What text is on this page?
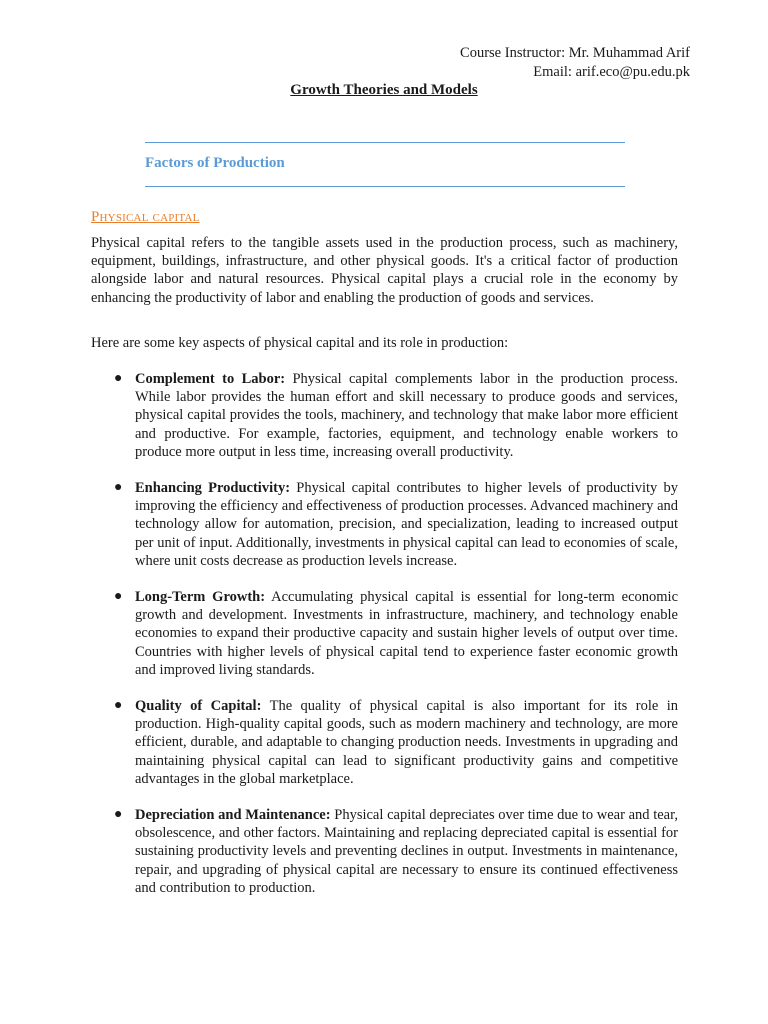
Course Instructor: Mr. Muhammad Arif
Email: arif.eco@pu.edu.pk
Growth Theories and Models
Factors of Production
Physical capital

Physical capital refers to the tangible assets used in the production process, such as machinery, equipment, buildings, infrastructure, and other physical goods. It's a critical factor of production alongside labor and natural resources. Physical capital plays a crucial role in the economy by enhancing the productivity of labor and enabling the production of goods and services.

Here are some key aspects of physical capital and its role in production:

● Complement to Labor: Physical capital complements labor in the production process. While labor provides the human effort and skill necessary to produce goods and services, physical capital provides the tools, machinery, and technology that make labor more efficient and productive. For example, factories, equipment, and technology enable workers to produce more output in less time, increasing overall productivity.
● Enhancing Productivity: Physical capital contributes to higher levels of productivity by improving the efficiency and effectiveness of production processes. Advanced machinery and technology allow for automation, precision, and specialization, leading to increased output per unit of input. Additionally, investments in physical capital can lead to economies of scale, where unit costs decrease as production levels increase.
● Long-Term Growth: Accumulating physical capital is essential for long-term economic growth and development. Investments in infrastructure, machinery, and technology enable economies to expand their productive capacity and sustain higher levels of output over time. Countries with higher levels of physical capital tend to experience faster economic growth and improved living standards.
● Quality of Capital: The quality of physical capital is also important for its role in production. High-quality capital goods, such as modern machinery and technology, are more efficient, durable, and adaptable to changing production needs. Investments in upgrading and maintaining physical capital can lead to significant productivity gains and competitive advantages in the global marketplace.
● Depreciation and Maintenance: Physical capital depreciates over time due to wear and tear, obsolescence, and other factors. Maintaining and replacing depreciated capital is essential for sustaining productivity levels and preventing declines in output. Investments in maintenance, repair, and upgrading of physical capital are necessary to ensure its continued effectiveness and contribution to production.
